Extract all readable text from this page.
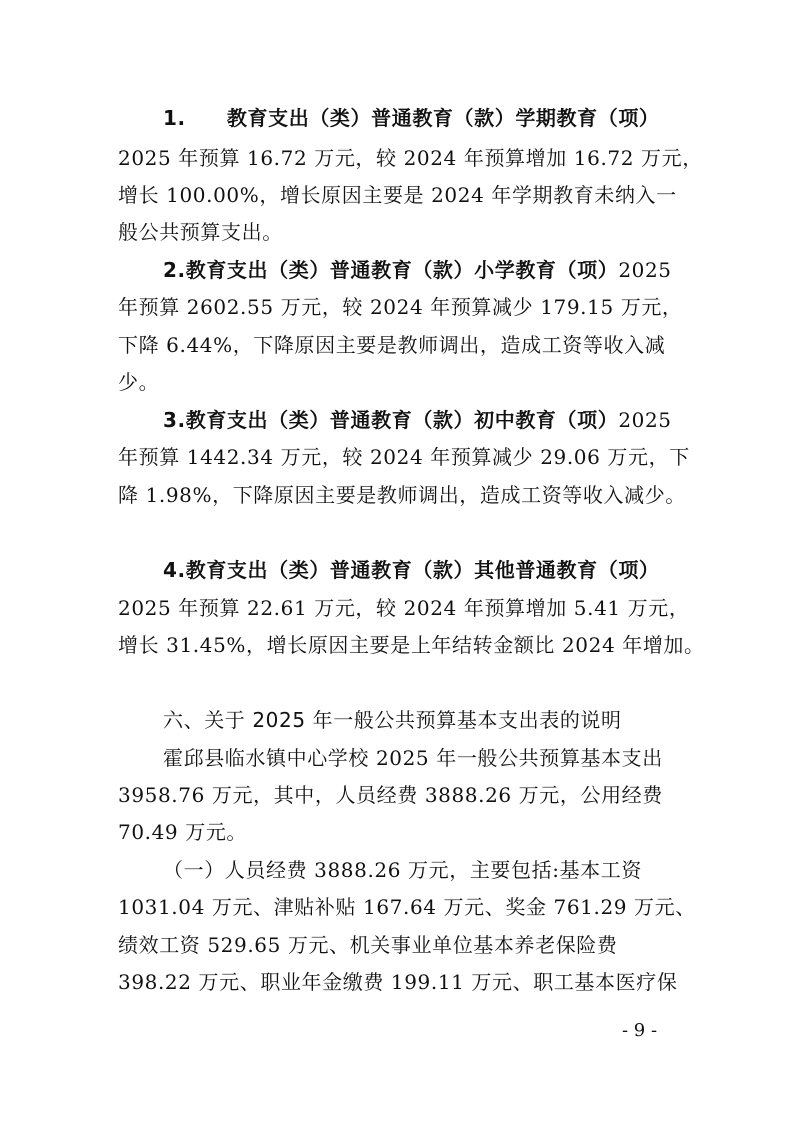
1.　　教育支出（类）普通教育（款）学期教育（项）
2025 年预算 16.72 万元，较 2024 年预算增加 16.72 万元，
增长 100.00%，增长原因主要是 2024 年学期教育未纳入一
般公共预算支出。
2.教育支出（类）普通教育（款）小学教育（项）2025
年预算 2602.55 万元，较 2024 年预算减少 179.15 万元，
下降 6.44%，下降原因主要是教师调出，造成工资等收入减
少。
3.教育支出（类）普通教育（款）初中教育（项）2025
年预算 1442.34 万元，较 2024 年预算减少 29.06 万元，下
降 1.98%，下降原因主要是教师调出，造成工资等收入减少。
4.教育支出（类）普通教育（款）其他普通教育（项）
2025 年预算 22.61 万元，较 2024 年预算增加 5.41 万元，
增长 31.45%，增长原因主要是上年结转金额比 2024 年增加。
六、关于 2025 年一般公共预算基本支出表的说明
霍邱县临水镇中心学校 2025 年一般公共预算基本支出
3958.76 万元，其中，人员经费 3888.26 万元，公用经费
70.49 万元。
（一）人员经费 3888.26 万元，主要包括:基本工资
1031.04 万元、津贴补贴 167.64 万元、奖金 761.29 万元、
绩效工资 529.65 万元、机关事业单位基本养老保险费
398.22 万元、职业年金缴费 199.11 万元、职工基本医疗保
- 9 -
